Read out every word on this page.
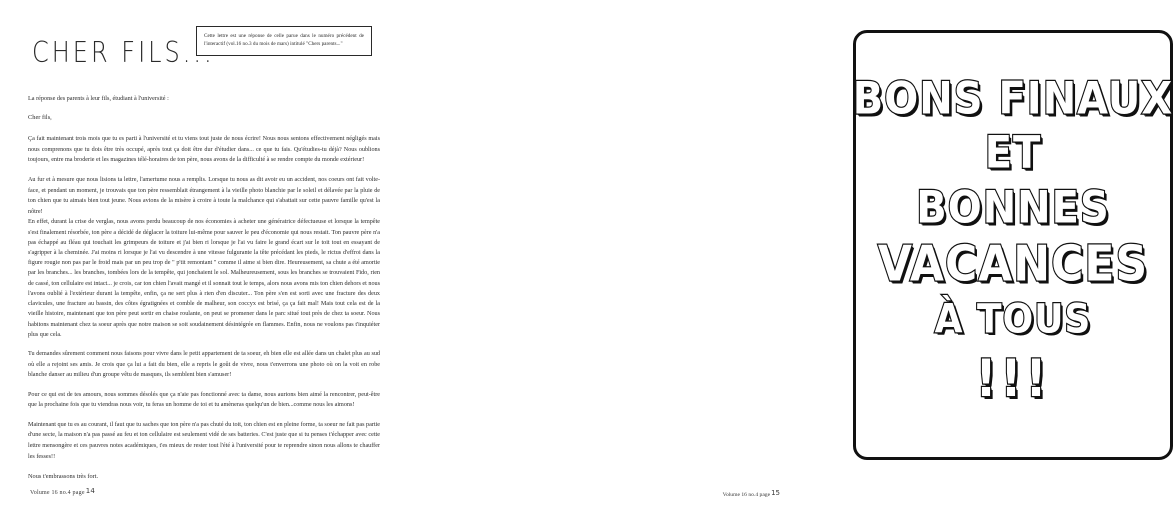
CHER FILS...
Cette lettre est une réponse de celle parue dans le numéro précédent de l'interactif (vol.16 no.3 du mois de mars) intitulé "Chers parents..."
La réponse des parents à leur fils, étudiant à l'université :
Cher fils,

Ça fait maintenant trois mois que tu es parti à l'université et tu viens tout juste de nous écrire! Nous nous sentons effectivement négligés mais nous comprenons que tu dois être très occupé, après tout ça doit être dur d'étudier dans... ce que tu fais. Qu'étudies-tu déjà? Nous oublions toujours, entre ma broderie et les magazines télé-horaires de ton père, nous avons de la difficulté à se rendre compte du monde extérieur!

Au fur et à mesure que nous lisions ta lettre, l'amertume nous a remplis. Lorsque tu nous as dit avoir eu un accident, nos coeurs ont fait volte-face, et pendant un moment, je trouvais que ton père ressemblait étrangement à la vieille photo blanchie par le soleil et délavée par la pluie de ton chien que tu aimais bien tout jeune. Nous avions de la misère à croire à toute la malchance qui s'abattait sur cette pauvre famille qu'est la nôtre!

En effet, durant la crise de verglas, nous avons perdu beaucoup de nos économies à acheter une génératrice défectueuse et lorsque la tempête s'est finalement résorbée, ton père a décidé de déglacer la toiture lui-même pour sauver le peu d'économie qui nous restait. Ton pauvre père n'a pas échappé au fléau qui touchait les grimpeurs de toiture et j'ai bien ri lorsque je l'ai vu faire le grand écart sur le toit tout en essayant de s'agripper à la cheminée. J'ai moins ri lorsque je l'ai vu descendre à une vitesse fulgurante la tête précédant les pieds, le rictus d'effroi dans la figure rougie non pas par le froid mais par un peu trop de " p'tit remontant " comme il aime si bien dire. Heureusement, sa chute a été amortie par les branches... les branches, tombées lors de la tempête, qui jonchaient le sol. Malheureusement, sous les branches se trouvaient Fido, rien de cassé, ton cellulaire est intact... je crois, car ton chien l'avait mangé et il sonnait tout le temps, alors nous avons mis ton chien dehors et nous l'avons oublié à l'extérieur durant la tempête, enfin, ça ne sert plus à rien d'en discuter... Ton père s'en est sorti avec une fracture des deux clavicules, une fracture au bassin, des côtes égratignées et comble de malheur, son coccyx est brisé, ça ça fait mal! Mais tout cela est de la vieille histoire, maintenant que ton père peut sortir en chaise roulante, on peut se promener dans le parc situé tout près de chez ta soeur. Nous habitons maintenant chez ta soeur après que notre maison se soit soudainement désintégrée en flammes. Enfin, nous ne voulons pas t'inquiéter plus que cela.

Tu demandes sûrement comment nous faisons pour vivre dans le petit appartement de ta soeur, eh bien elle est allée dans un chalet plus au sud où elle a rejoint ses amis. Je crois que ça lui a fait du bien, elle a repris le goût de vivre, nous t'enverrons une photo où on la voit en robe blanche danser au milieu d'un groupe vêtu de masques, ils semblent bien s'amuser!

Pour ce qui est de tes amours, nous sommes désolés que ça n'aie pas fonctionné avec ta dame, nous aurions bien aimé la rencontrer, peut-être que la prochaine fois que tu viendras nous voir, tu feras un homme de toi et tu amèneras quelqu'un de bien...comme nous les aimons!

Maintenant que tu es au courant, il faut que tu saches que ton père n'a pas chuté du toit, ton chien est en pleine forme, ta soeur ne fait pas partie d'une secte, la maison n'a pas passé au feu et ton cellulaire est seulement vidé de ses batteries. C'est juste que si tu penses t'échapper avec cette lettre mensongère et ces pauvres notes académiques, t'es mieux de rester tout l'été à l'université pour te reprendre sinon nous allons te chauffer les fesses!!

Nous t'embrassons très fort.
Volume 16 no.4 page14
BONS FINAUX
ET
BONNES
VACANCES
À TOUS
!!!
Volume 16 no.4 page15
